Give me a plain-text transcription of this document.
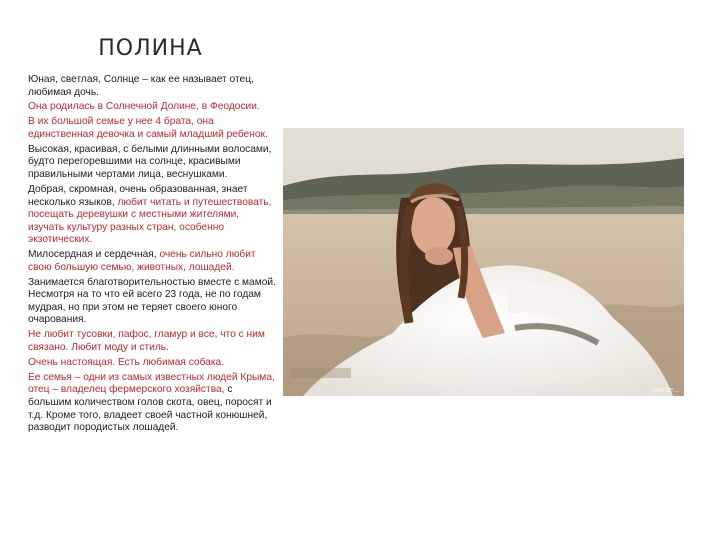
ПОЛИНА

Юная, светлая, Солнце – как ее называет отец, любимая дочь.

Она родилась в Солнечной Долине, в Феодосии.

В их большой семье у нее 4 брата, она единственная девочка и самый младший ребенок.

Высокая, красивая, с белыми длинными волосами, будто перегоревшими на солнце, красивыми правильными чертами лица, веснушками.

Добрая, скромная, очень образованная, знает несколько языков, любит читать и путешествовать, посещать деревушки с местными жителями, изучать культуру разных стран, особенно экзотических.

Милосердная и сердечная, очень сильно любит свою большую семью, животных, лошадей.

Занимается благотворительностью вместе с мамой. Несмотря на то что ей всего 23 года, не по годам мудрая, но при этом не теряет своего юного очарования.

Не любит тусовки, пафос, гламур и все, что с ним связано. Любит моду и стиль.

Очень настоящая. Есть любимая собака.

Ее семья – одни из самых известных людей Крыма, отец – владелец фермерского хозяйства, с большим количеством голов скота, овец, поросят и т.д. Кроме того, владеет своей частной конюшней, разводит породистых лошадей.

jovi de…
